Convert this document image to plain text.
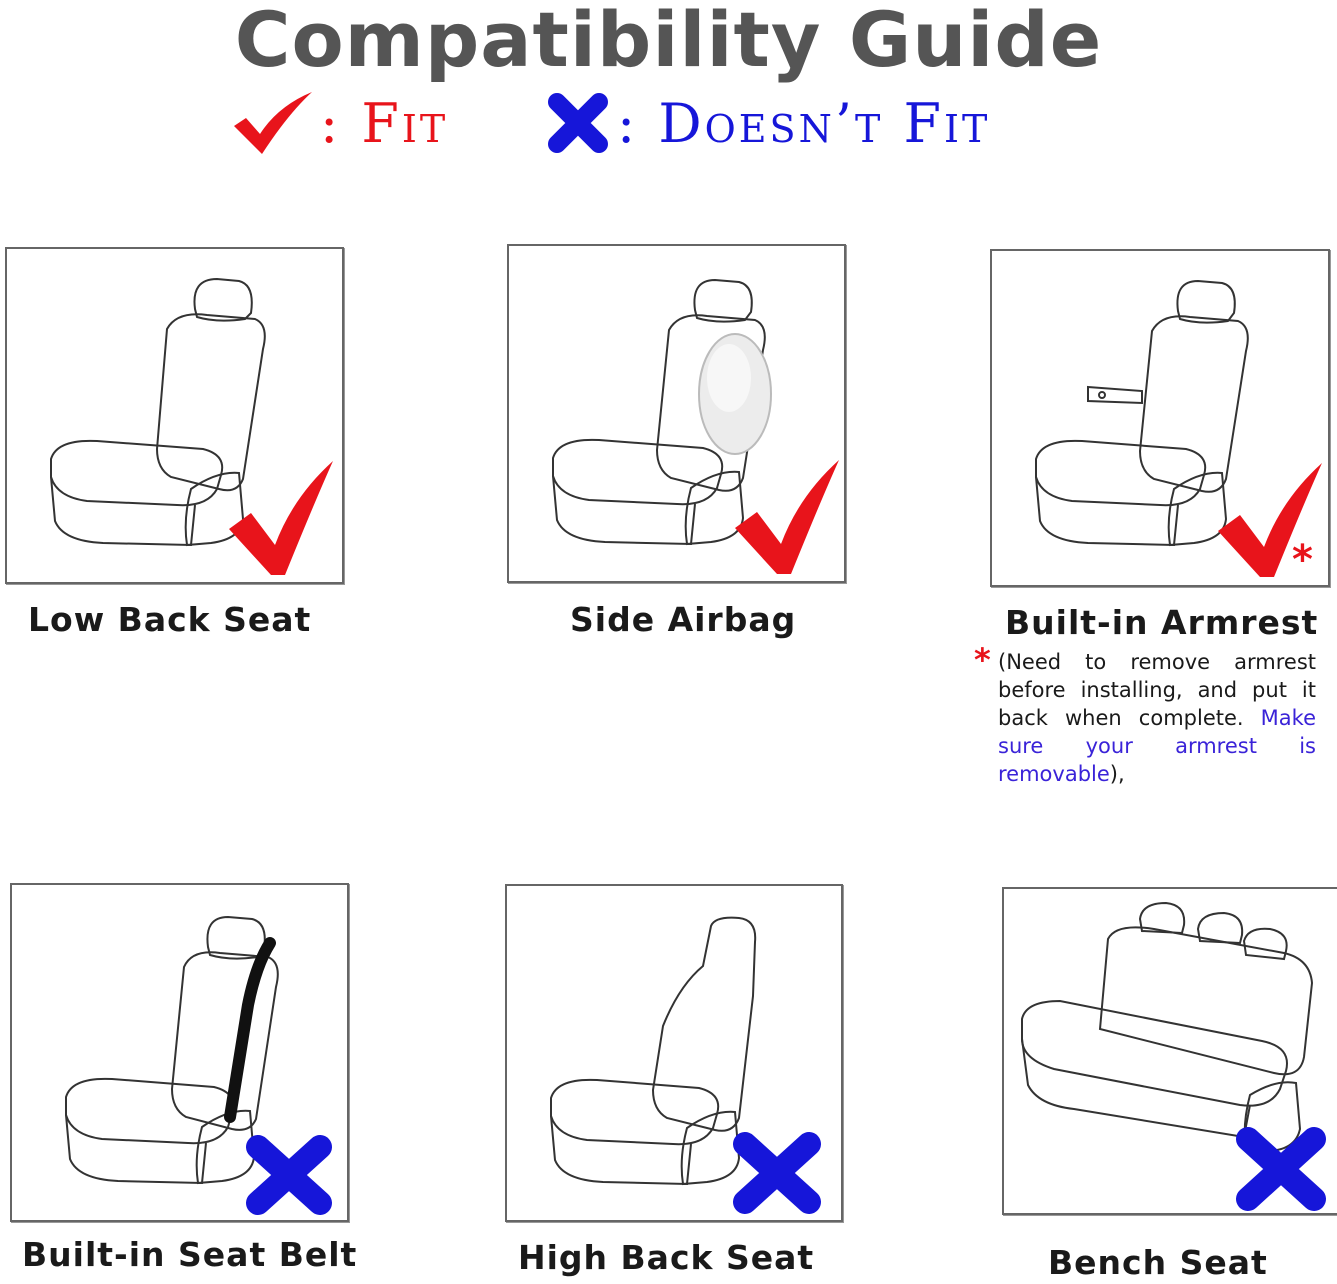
Compatibility Guide
: Fit	: Doesn’t Fit
Low Back Seat	Side Airbag
*
Built-in Armrest
* (Need to remove armrest before installing, and put it back when complete. Make sure your armrest is removable),
Built-in Seat Belt	High Back Seat	Bench Seat
